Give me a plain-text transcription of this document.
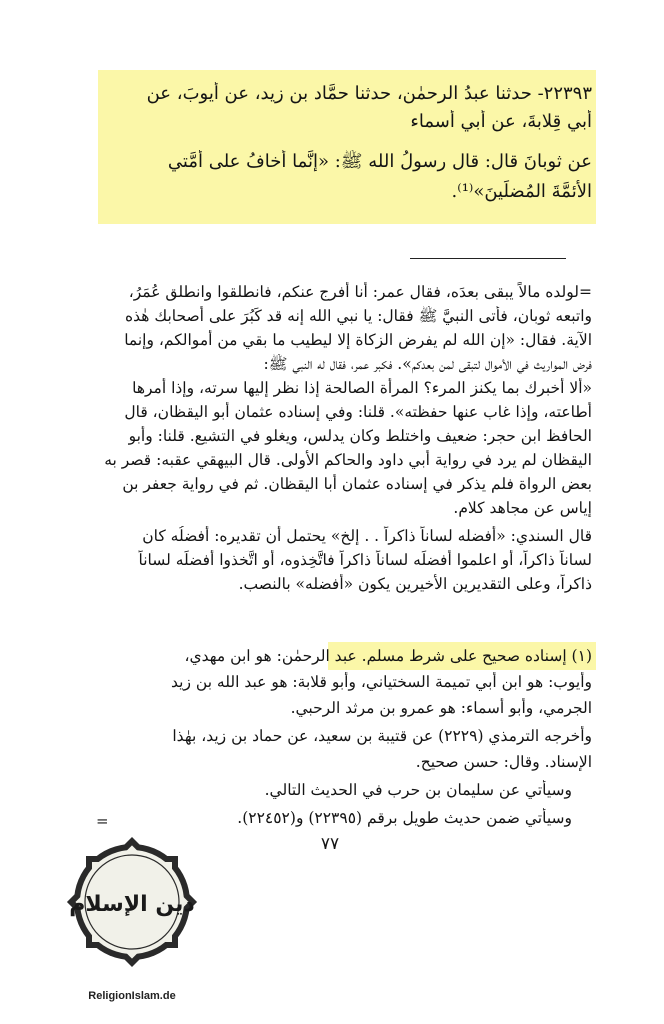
٢٢٣٩٣- حدثنا عبدُ الرحمٰن، حدثنا حمَّاد بن زيد، عن أيوبَ، عن
أبي قِلابةَ، عن أبي أسماء
عن ثوبانَ قال: قال رسولُ الله ﷺ: «إنَّما أخافُ على أُمَّتي
الأئمَّةَ المُضلِّينَ»⁽¹⁾.
=لولده مالاً يبقى بعدَه، فقال عمر: أنا أفرج عنكم، فانطلقوا وانطلق عُمَرُ،
واتبعه ثوبان، فأتى النبيَّ ﷺ فقال: يا نبي الله إنه قد كَبُرَ على أصحابك هٰذه
الآية. فقال: «إن الله لم يفرض الزكاة إلا ليطيب ما بقي من أموالكم، وإنما
فرض المواريث في الأموال لتبقى لمن بعدكم». فكبر عمر، فقال له النبي ﷺ:
«ألا أخبرك بما يكنز المرء؟ المرأة الصالحة إذا نظر إليها سرته، وإذا أمرها
أطاعته، وإذا غاب عنها حفظته». قلنا: وفي إسناده عثمان أبو اليقظان، قال
الحافظ ابن حجر: ضعيف واختلط وكان يدلس، ويغلو في التشيع. قلنا: وأبو
اليقظان لم يرد في رواية أبي داود والحاكم الأولى. قال البيهقي عقبه: قصر به
بعض الرواة فلم يذكر في إسناده عثمان أبا اليقظان. ثم في رواية جعفر بن
إياس عن مجاهد كلام.
قال السندي: «أفضله لساناً ذاكراً . . إلخ» يحتمل أن تقديره: أفضلُه كان
لساناً ذاكراً، أو اعلموا أفضلَه لساناً ذاكراً فاتَّخِذوه، أو اتَّخذوا أفضلَه لساناً
ذاكراً، وعلى التقديرين الأخيرين يكون «أفضله» بالنصب.
(١) إسناده صحيح على شرط مسلم. عبد الرحمٰن: هو ابن مهدي،
وأيوب: هو ابن أبي تميمة السختياني، وأبو قلابة: هو عبد الله بن زيد
الجرمي، وأبو أسماء: هو عمرو بن مرثد الرحبي.
وأخرجه الترمذي (٢٢٢٩) عن قتيبة بن سعيد، عن حماد بن زيد، بهٰذا
الإسناد. وقال: حسن صحيح.
وسيأتي عن سليمان بن حرب في الحديث التالي.
وسيأتي ضمن حديث طويل برقم (٢٢٣٩٥) و(٢٢٤٥٢).
=
٧٧
دين الإسلام
ReligionIslam.de
